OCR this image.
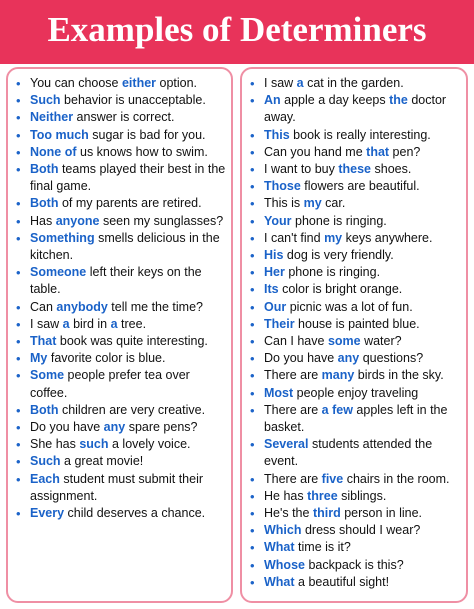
Examples of Determiners
• You can choose either option.
• Such behavior is unacceptable.
• Neither answer is correct.
• Too much sugar is bad for you.
• None of us knows how to swim.
• Both teams played their best in the final game.
• Both of my parents are retired.
• Has anyone seen my sunglasses?
• Something smells delicious in the kitchen.
• Someone left their keys on the table.
• Can anybody tell me the time?
• I saw a bird in a tree.
• That book was quite interesting.
• My favorite color is blue.
• Some people prefer tea over coffee.
• Both children are very creative.
• Do you have any spare pens?
• She has such a lovely voice.
• Such a great movie!
• Each student must submit their assignment.
• Every child deserves a chance.
• I saw a cat in the garden.
• An apple a day keeps the doctor away.
• This book is really interesting.
• Can you hand me that pen?
• I want to buy these shoes.
• Those flowers are beautiful.
• This is my car.
• Your phone is ringing.
• I can't find my keys anywhere.
• His dog is very friendly.
• Her phone is ringing.
• Its color is bright orange.
• Our picnic was a lot of fun.
• Their house is painted blue.
• Can I have some water?
• Do you have any questions?
• There are many birds in the sky.
• Most people enjoy traveling
• There are a few apples left in the basket.
• Several students attended the event.
• There are five chairs in the room.
• He has three siblings.
• He's the third person in line.
• Which dress should I wear?
• What time is it?
• Whose backpack is this?
• What a beautiful sight!
